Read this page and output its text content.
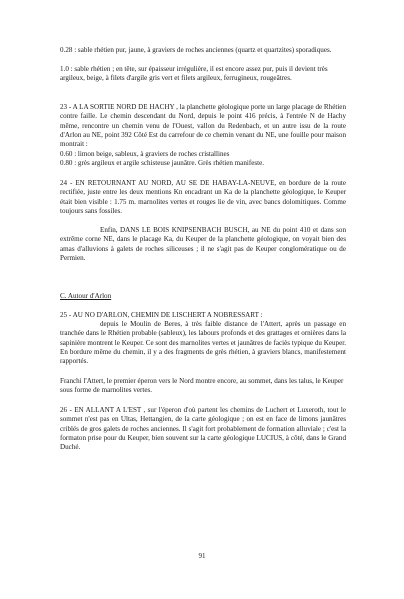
0.28 : sable rhétien pur, jaune, à graviers de roches anciennes (quartz et quartzites) sporadiques.

1.0 : sable rhétien ; en tête, sur épaisseur irrégulière, il est encore assez pur, puis il devient très argileux, beige, à filets d'argile gris vert et filets argileux, ferrugineux, rougeâtres.

23 - A LA SORTIE NORD DE HACHY , la planchette géologique porte un large placage de Rhétien contre faille. Le chemin descendant du Nord, depuis le point 416 précis, à l'entrée N de Hachy même, rencontre un chemin venu de l'Ouest, vallon du Redenbach, et un autre issu de la route d'Arlon au NE, point 392 Côté Est du carrefour de ce chemin venant du NE, une fouille pour maison montrait :

0.60 : limon beige, sableux, à graviers de roches cristallines

0.80 : grès argileux et argile schisteuse jaunâtre. Grès rhétien manifeste.

24 - EN RETOURNANT AU NORD, AU SE DE HABAY-LA-NEUVE, en bordure de la route rectifiée, juste entre les deux mentions Kn encadrant un Ka de la planchette géologique, le Keuper était bien visible : 1.75 m. marnolites vertes et rouges lie de vin, avec bancs dolomitiques. Comme toujours sans fossiles.

Enfin, DANS LE BOIS KNIPSENBACH BUSCH, au NE du point 410 et dans son extrême corne NE, dans le placage Ka, du Keuper de la planchette géologique, on voyait bien des amas d'alluvions à galets de roches siliceuses ; il ne s'agit pas de Keuper conglomératique ou de Permien.

C. Autour d'Arlon

25 - AU NO D'ARLON, CHEMIN DE LISCHERT A NOBRESSART :

depuis le Moulin de Beres, à très faible distance de l'Attert, après un passage en tranchée dans le Rhétien probable (sableux), les labours profonds et des grattages et ornières dans la sapinière montrent le Keuper. Ce sont des marnolites vertes et jaunâtres de faciès typique du Keuper. En bordure même du chemin, il y a des fragments de grès rhétien, à graviers blancs, manifestement rapportés.

Franchi l'Attert, le premier éperon vers le Nord montre encore, au sommet, dans les talus, le Keuper sous forme de marnolites vertes.

26 - EN ALLANT A L'EST , sur l'éperon d'où partent les chemins de Luchert et Luxeroth, tout le sommet n'est pas en Ultas, Hettangien, de la carte géologique ; on est en face de limons jaunâtres criblés de gros galets de roches anciennes. Il s'agit fort probablement de formation alluviale ; c'est la formaton prise pour du Keuper, bien souvent sur la carte géologique LUCIUS, à côté, dans le Grand Duché.

91
